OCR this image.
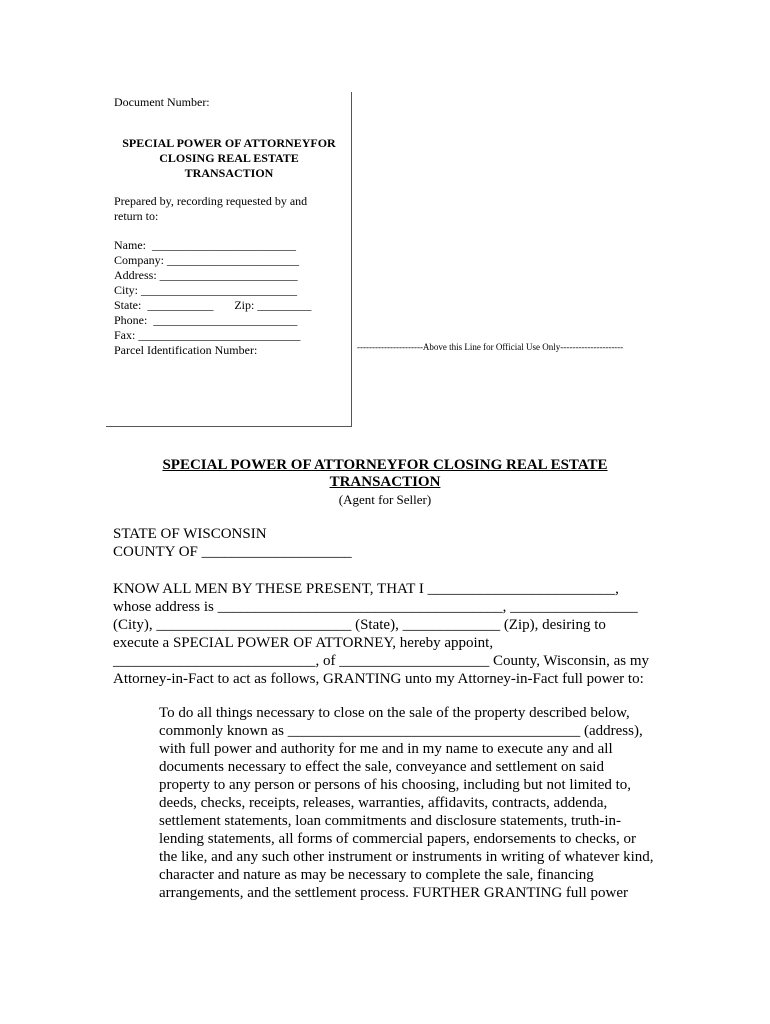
Document Number:
SPECIAL POWER OF ATTORNEYFOR
CLOSING REAL ESTATE
TRANSACTION
Prepared by, recording requested by and
return to:
Name:  ________________________
Company: ______________________
Address: _______________________
City: __________________________
State:  ___________       Zip: _________
Phone:  ________________________
Fax: ___________________________
Parcel Identification Number:	----------------------Above this Line for Official Use Only---------------------
SPECIAL POWER OF ATTORNEYFOR CLOSING REAL ESTATE
TRANSACTION
(Agent for Seller)
STATE OF WISCONSIN
COUNTY OF ____________________
KNOW ALL MEN BY THESE PRESENT, THAT I _________________________,
whose address is ______________________________________, _________________
(City), __________________________ (State), _____________ (Zip), desiring to
execute a SPECIAL POWER OF ATTORNEY, hereby appoint,
___________________________, of ____________________ County, Wisconsin, as my
Attorney-in-Fact to act as follows, GRANTING unto my Attorney-in-Fact full power to:
To do all things necessary to close on the sale of the property described below,
commonly known as _______________________________________ (address),
with full power and authority for me and in my name to execute any and all
documents necessary to effect the sale, conveyance and settlement on said
property to any person or persons of his choosing, including but not limited to,
deeds, checks, receipts, releases, warranties, affidavits, contracts, addenda,
settlement statements, loan commitments and disclosure statements, truth-in-
lending statements, all forms of commercial papers, endorsements to checks, or
the like, and any such other instrument or instruments in writing of whatever kind,
character and nature as may be necessary to complete the sale, financing
arrangements, and the settlement process. FURTHER GRANTING full power
